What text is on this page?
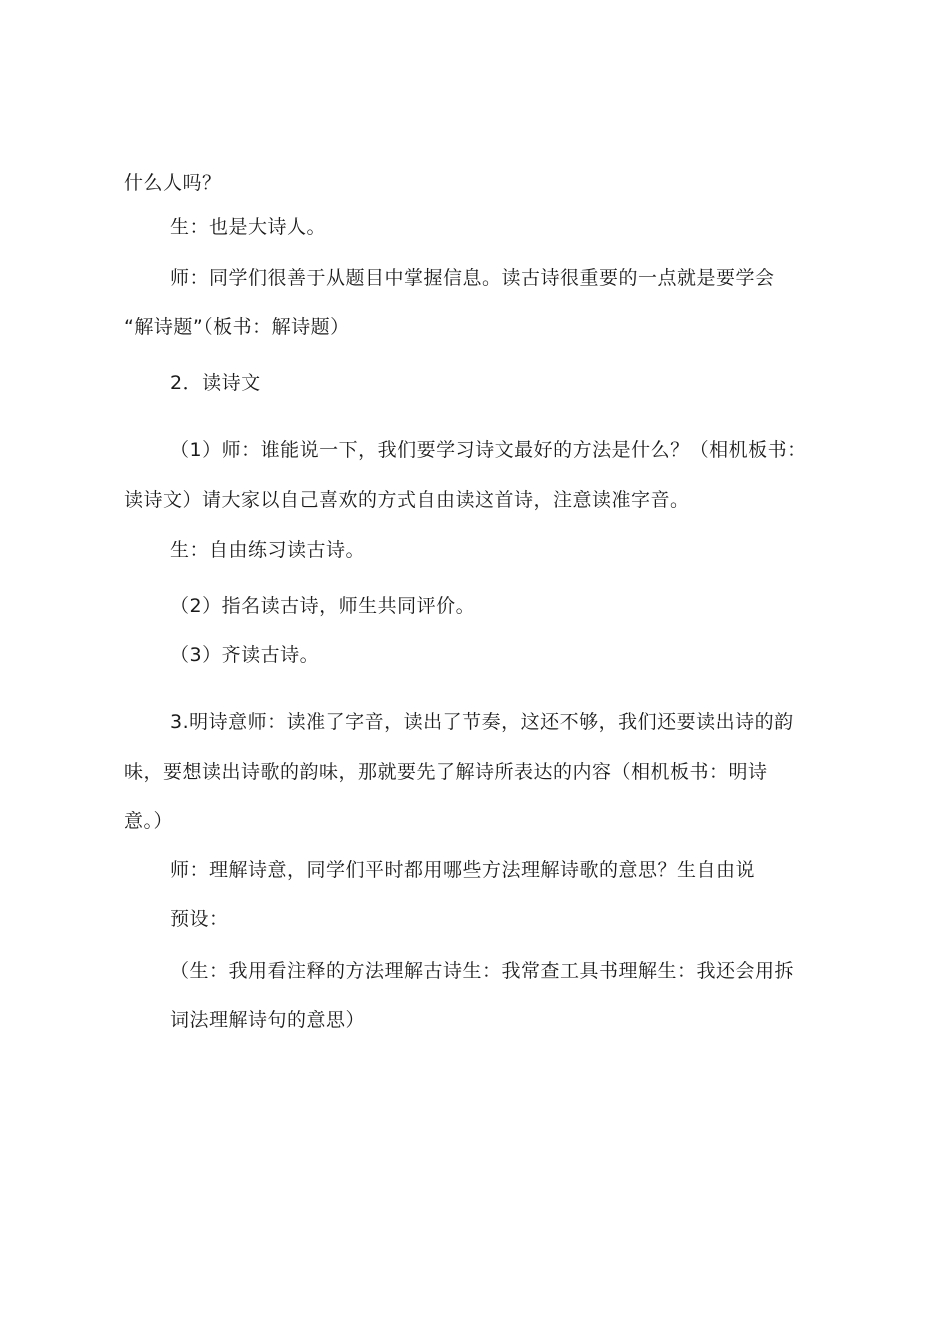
什么人吗？
生：也是大诗人。
师：同学们很善于从题目中掌握信息。读古诗很重要的一点就是要学会
“解诗题”（板书：解诗题）
2．读诗文
（1）师：谁能说一下，我们要学习诗文最好的方法是什么？（相机板书：
读诗文）请大家以自己喜欢的方式自由读这首诗，注意读准字音。
生：自由练习读古诗。
（2）指名读古诗，师生共同评价。
（3）齐读古诗。
3.明诗意师：读准了字音，读出了节奏，这还不够，我们还要读出诗的韵
味，要想读出诗歌的韵味，那就要先了解诗所表达的内容（相机板书：明诗
意。）
师：理解诗意，同学们平时都用哪些方法理解诗歌的意思？生自由说
预设：
（生：我用看注释的方法理解古诗生：我常查工具书理解生：我还会用拆
词法理解诗句的意思）
